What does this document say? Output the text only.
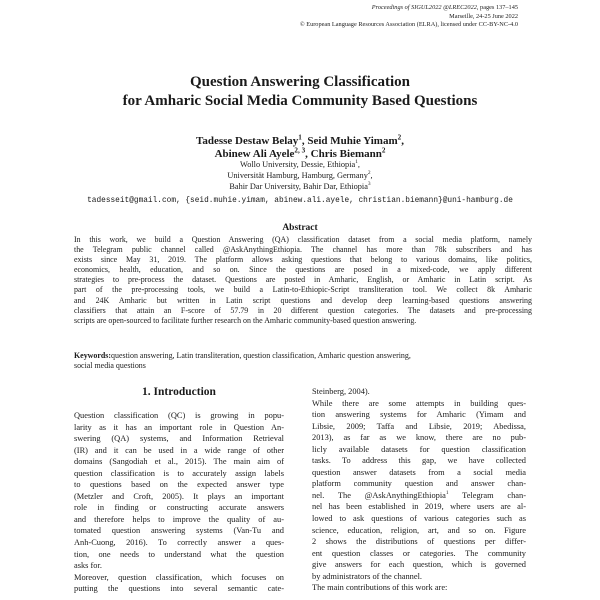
Proceedings of SIGUL2022 @LREC2022, pages 137–145
Marseille, 24-25 June 2022
© European Language Resources Association (ELRA), licensed under CC-BY-NC-4.0
Question Answering Classification
for Amharic Social Media Community Based Questions
Tadesse Destaw Belay$^1$, Seid Muhie Yimam$^2$,
Abinew Ali Ayele$^{2, 3}$, Chris Biemann$^2$
Wollo University, Dessie, Ethiopia$^1$,
Universität Hamburg, Hamburg, Germany$^2$,
Bahir Dar University, Bahir Dar, Ethiopia$^3$
tadesseit@gmail.com, {seid.muhie.yimam, abinew.ali.ayele, christian.biemann}@uni-hamburg.de
Abstract
In this work, we build a Question Answering (QA) classification dataset from a social media platform, namely
the Telegram public channel called @AskAnythingEthiopia. The channel has more than 78k subscribers and has
exists since May 31, 2019. The platform allows asking questions that belong to various domains, like politics,
economics, health, education, and so on. Since the questions are posed in a mixed-code, we apply different
strategies to pre-process the dataset. Questions are posted in Amharic, English, or Amharic in Latin script. As
part of the pre-processing tools, we build a Latin-to-Ethiopic-Script transliteration tool. We collect 8k Amharic
and 24K Amharic but written in Latin script questions and develop deep learning-based questions answering
classifiers that attain an F-score of 57.79 in 20 different question categories. The datasets and pre-processing
scripts are open-sourced to facilitate further research on the Amharic community-based question answering.
Keywords:question answering, Latin transliteration, question classification, Amharic question answering,
social media questions
1. Introduction
Question classification (QC) is growing in popu-
larity as it has an important role in Question An-
swering (QA) systems, and Information Retrieval
(IR) and it can be used in a wide range of other
domains (Sangodiah et al., 2015). The main aim of
question classification is to accurately assign labels
to questions based on the expected answer type
(Metzler and Croft, 2005). It plays an important
role in finding or constructing accurate answers
and therefore helps to improve the quality of au-
tomated question answering systems (Van-Tu and
Anh-Cuong, 2016). To correctly answer a ques-
tion, one needs to understand what the question
asks for.
Moreover, question classification, which focuses on
putting the questions into several semantic cate-
Steinberg, 2004).
While there are some attempts in building ques-
tion answering systems for Amharic (Yimam and
Libsie, 2009; Taffa and Libsie, 2019; Abedissa,
2013), as far as we know, there are no pub-
licly available datasets for question classification
tasks. To address this gap, we have collected
question answer datasets from a social media
platform community question and answer chan-
nel. The @AskAnythingEthiopia$^1$ Telegram chan-
nel has been established in 2019, where users are al-
lowed to ask questions of various categories such as
science, education, religion, art, and so on. Figure
2 shows the distributions of questions per differ-
ent question classes or categories. The community
give answers for each question, which is governed
by administrators of the channel.
The main contributions of this work are:
